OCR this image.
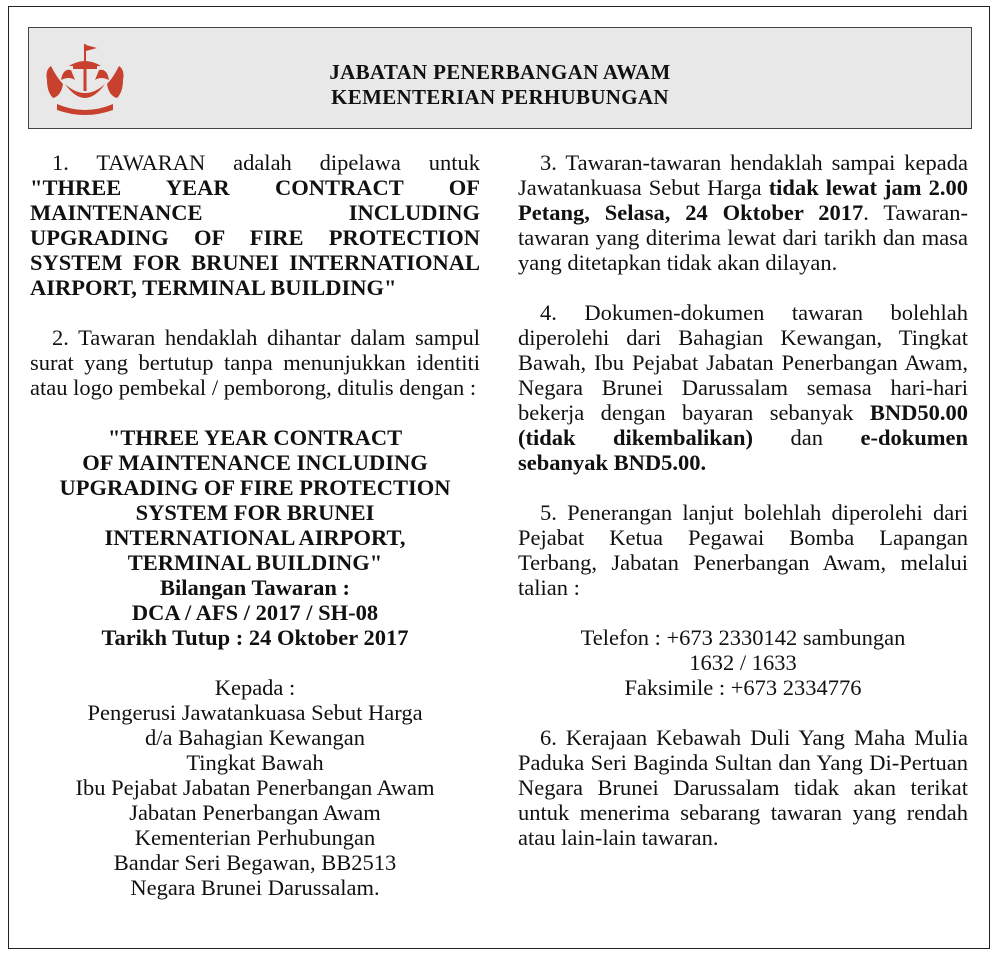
JABATAN PENERBANGAN AWAM
KEMENTERIAN PERHUBUNGAN

1. TAWARAN adalah dipelawa untuk "THREE YEAR CONTRACT OF MAINTENANCE INCLUDING UPGRADING OF FIRE PROTECTION SYSTEM FOR BRUNEI INTERNATIONAL AIRPORT, TERMINAL BUILDING"

2. Tawaran hendaklah dihantar dalam sampul surat yang bertutup tanpa menunjukkan identiti atau logo pembekal / pemborong, ditulis dengan :

"THREE YEAR CONTRACT
OF MAINTENANCE INCLUDING
UPGRADING OF FIRE PROTECTION
SYSTEM FOR BRUNEI
INTERNATIONAL AIRPORT,
TERMINAL BUILDING"
Bilangan Tawaran :
DCA / AFS / 2017 / SH-08
Tarikh Tutup : 24 Oktober 2017
Kepada :
Pengerusi Jawatankuasa Sebut Harga
d/a Bahagian Kewangan
Tingkat Bawah
Ibu Pejabat Jabatan Penerbangan Awam
Jabatan Penerbangan Awam
Kementerian Perhubungan
Bandar Seri Begawan, BB2513
Negara Brunei Darussalam.

3. Tawaran-tawaran hendaklah sampai kepada Jawatankuasa Sebut Harga tidak lewat jam 2.00 Petang, Selasa, 24 Oktober 2017. Tawaran-tawaran yang diterima lewat dari tarikh dan masa yang ditetapkan tidak akan dilayan.

4. Dokumen-dokumen tawaran bolehlah diperolehi dari Bahagian Kewangan, Tingkat Bawah, Ibu Pejabat Jabatan Penerbangan Awam, Negara Brunei Darussalam semasa hari-hari bekerja dengan bayaran sebanyak BND50.00 (tidak dikembalikan) dan e-dokumen sebanyak BND5.00.

5. Penerangan lanjut bolehlah diperolehi dari Pejabat Ketua Pegawai Bomba Lapangan Terbang, Jabatan Penerbangan Awam, melalui talian :

Telefon : +673 2330142 sambungan
1632 / 1633
Faksimile : +673 2334776

6. Kerajaan Kebawah Duli Yang Maha Mulia Paduka Seri Baginda Sultan dan Yang Di-Pertuan Negara Brunei Darussalam tidak akan terikat untuk menerima sebarang tawaran yang rendah atau lain-lain tawaran.
